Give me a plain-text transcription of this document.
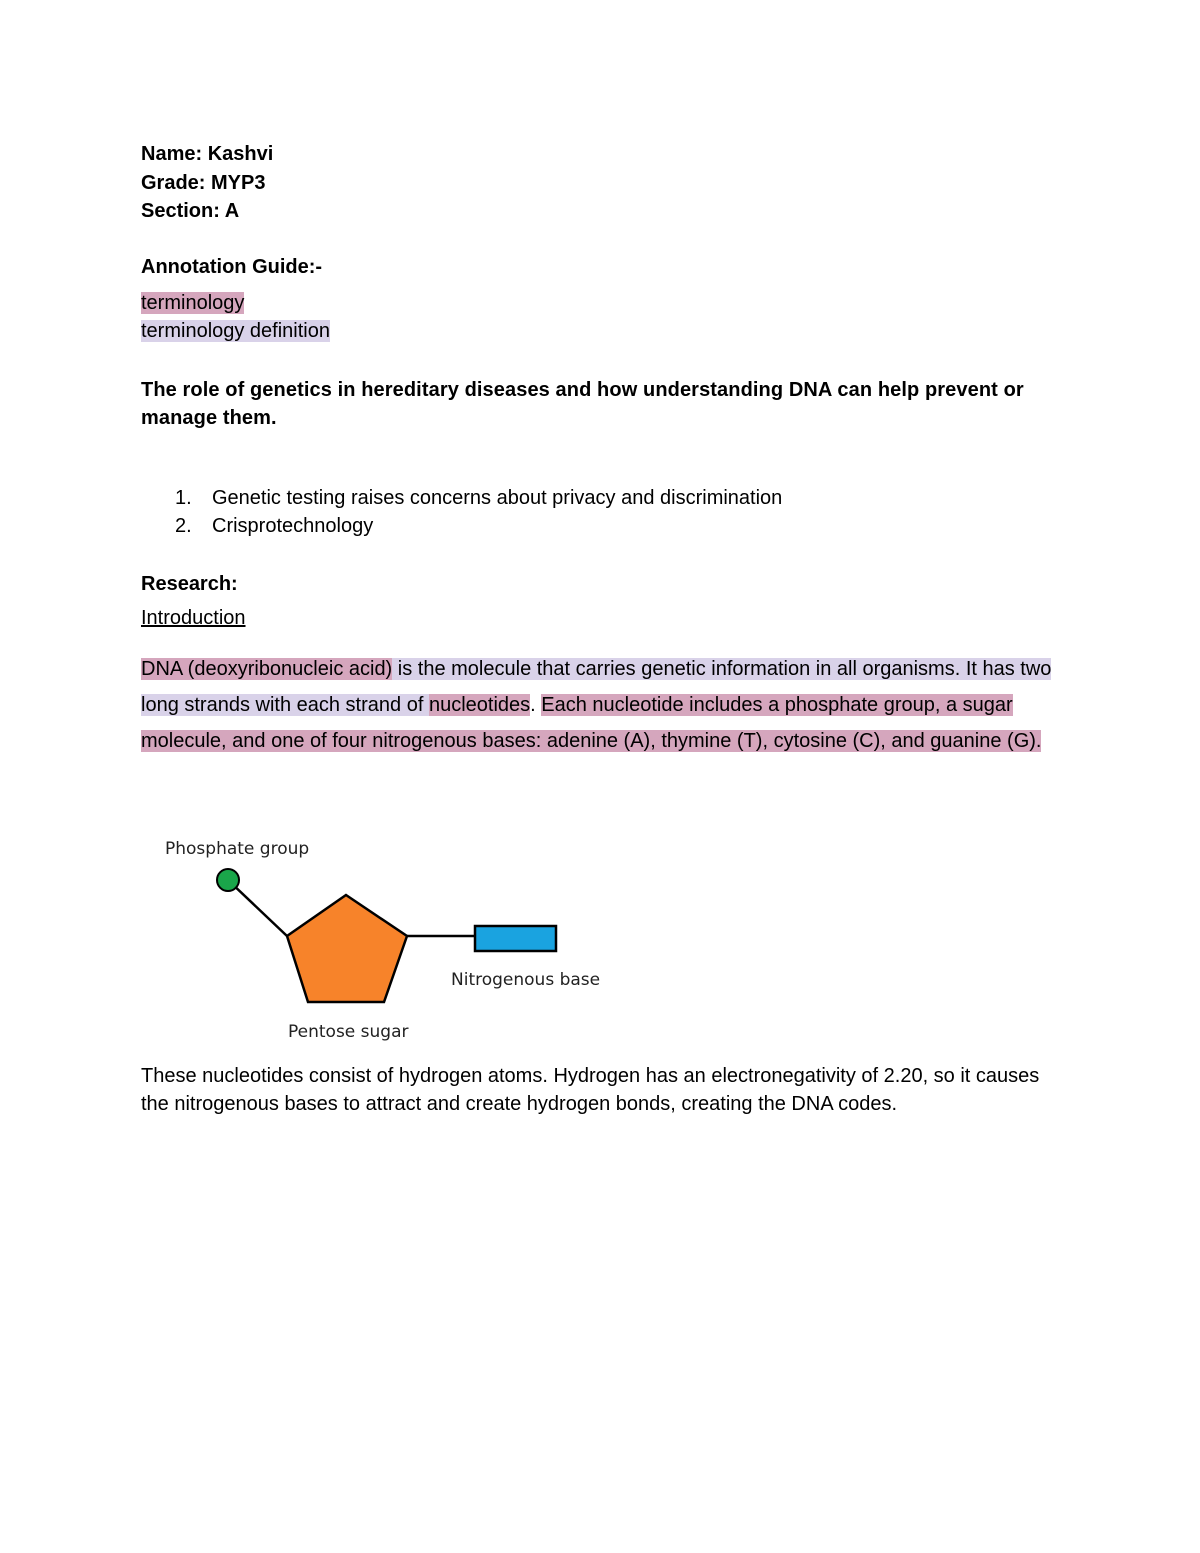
Name: Kashvi
Grade: MYP3
Section: A
Annotation Guide:-
terminology
terminology definition
The role of genetics in hereditary diseases and how understanding DNA can help prevent or manage them.
1. Genetic testing raises concerns about privacy and discrimination
2. Crisprotechnology
Research:
Introduction
DNA (deoxyribonucleic acid) is the molecule that carries genetic information in all organisms. It has two long strands with each strand of nucleotides. Each nucleotide includes a phosphate group, a sugar molecule, and one of four nitrogenous bases: adenine (A), thymine (T), cytosine (C), and guanine (G).
Phosphate group
Nitrogenous base
Pentose sugar
These nucleotides consist of hydrogen atoms. Hydrogen has an electronegativity of 2.20, so it causes the nitrogenous bases to attract and create hydrogen bonds, creating the DNA codes.
